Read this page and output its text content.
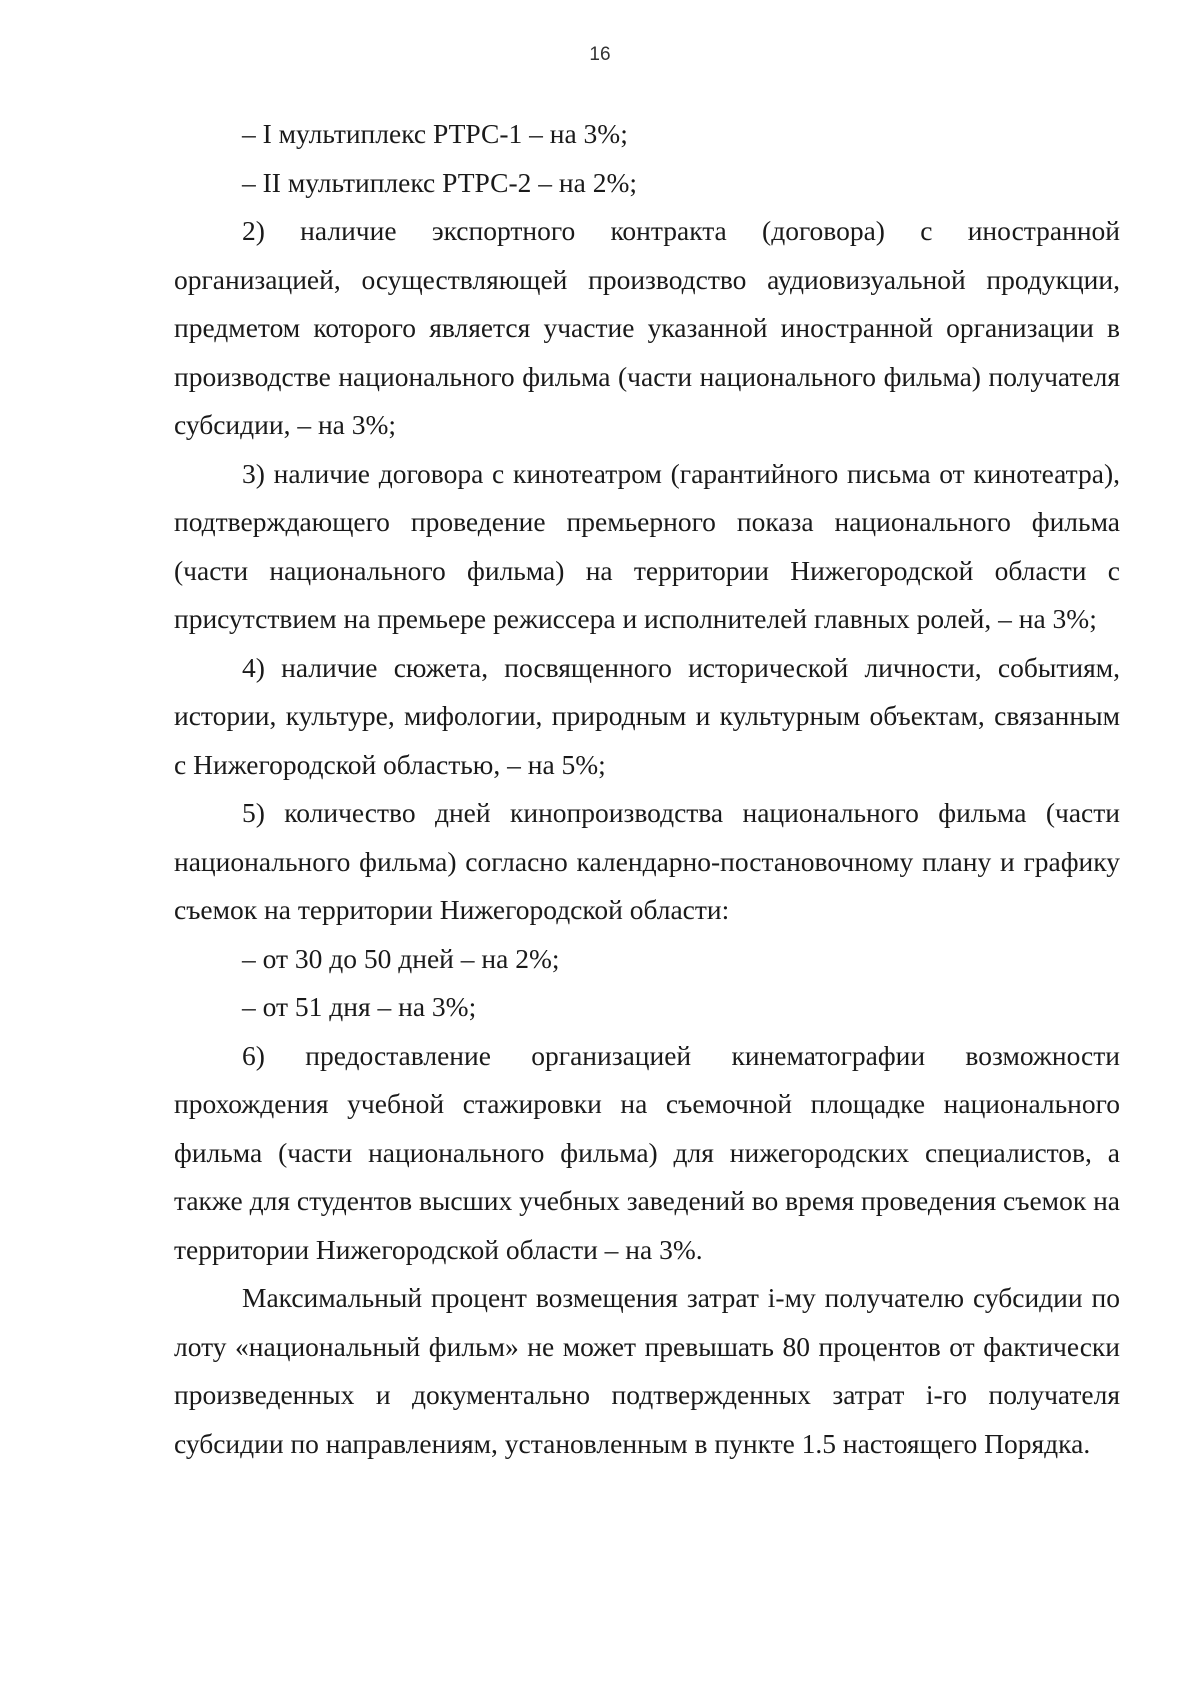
16

– I мультиплекс РТРС-1 – на 3%;

– II мультиплекс РТРС-2 – на 2%;

2) наличие экспортного контракта (договора) с иностранной организацией, осуществляющей производство аудиовизуальной продукции, предметом которого является участие указанной иностранной организации в производстве национального фильма (части национального фильма) получателя субсидии, – на 3%;

3) наличие договора с кинотеатром (гарантийного письма от кинотеатра), подтверждающего проведение премьерного показа национального фильма (части национального фильма) на территории Нижегородской области с присутствием на премьере режиссера и исполнителей главных ролей, – на 3%;

4) наличие сюжета, посвященного исторической личности, событиям, истории, культуре, мифологии, природным и культурным объектам, связанным с Нижегородской областью, – на 5%;

5) количество дней кинопроизводства национального фильма (части национального фильма) согласно календарно-постановочному плану и графику съемок на территории Нижегородской области:

– от 30 до 50 дней – на 2%;

– от 51 дня – на 3%;

6) предоставление организацией кинематографии возможности прохождения учебной стажировки на съемочной площадке национального фильма (части национального фильма) для нижегородских специалистов, а также для студентов высших учебных заведений во время проведения съемок на территории Нижегородской области – на 3%.

Максимальный процент возмещения затрат i-му получателю субсидии по лоту «национальный фильм» не может превышать 80 процентов от фактически произведенных и документально подтвержденных затрат i-го получателя субсидии по направлениям, установленным в пункте 1.5 настоящего Порядка.
